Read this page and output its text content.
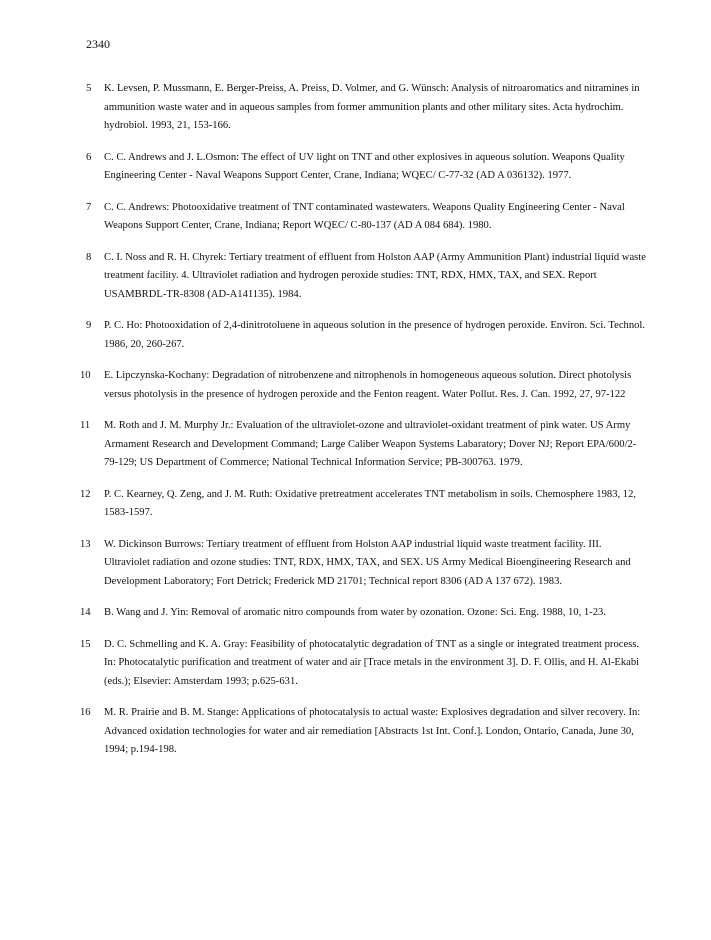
2340
5 K. Levsen, P. Mussmann, E. Berger-Preiss, A. Preiss, D. Volmer, and G. Wünsch: Analysis of nitroaromatics and nitramines in ammunition waste water and in aqueous samples from former ammunition plants and other military sites. Acta hydrochim. hydrobiol. 1993, 21, 153-166.
6 C. C. Andrews and J. L.Osmon: The effect of UV light on TNT and other explosives in aqueous solution. Weapons Quality Engineering Center - Naval Weapons Support Center, Crane, Indiana; WQEC/ C-77-32 (AD A 036132). 1977.
7 C. C. Andrews: Photooxidative treatment of TNT contaminated wastewaters. Weapons Quality Engineering Center - Naval Weapons Support Center, Crane, Indiana; Report WQEC/ C-80-137 (AD A 084 684). 1980.
8 C. I. Noss and R. H. Chyrek: Tertiary treatment of effluent from Holston AAP (Army Ammunition Plant) industrial liquid waste treatment facility. 4. Ultraviolet radiation and hydrogen peroxide studies: TNT, RDX, HMX, TAX, and SEX. Report USAMBRDL-TR-8308 (AD-A141135). 1984.
9 P. C. Ho: Photooxidation of 2,4-dinitrotoluene in aqueous solution in the presence of hydrogen peroxide. Environ. Sci. Technol. 1986, 20, 260-267.
10 E. Lipczynska-Kochany: Degradation of nitrobenzene and nitrophenols in homogeneous aqueous solution. Direct photolysis versus photolysis in the presence of hydrogen peroxide and the Fenton reagent. Water Pollut. Res. J. Can. 1992, 27, 97-122
11 M. Roth and J. M. Murphy Jr.: Evaluation of the ultraviolet-ozone and ultraviolet-oxidant treatment of pink water. US Army Armament Research and Development Command; Large Caliber Weapon Systems Labaratory; Dover NJ; Report EPA/600/2-79-129; US Department of Commerce; National Technical Information Service; PB-300763. 1979.
12 P. C. Kearney, Q. Zeng, and J. M. Ruth: Oxidative pretreatment accelerates TNT metabolism in soils. Chemosphere 1983, 12, 1583-1597.
13 W. Dickinson Burrows: Tertiary treatment of effluent from Holston AAP industrial liquid waste treatment facility. III. Ultraviolet radiation and ozone studies: TNT, RDX, HMX, TAX, and SEX. US Army Medical Bioengineering Research and Development Laboratory; Fort Detrick; Frederick MD 21701; Technical report 8306 (AD A 137 672). 1983.
14 B. Wang and J. Yin: Removal of aromatic nitro compounds from water by ozonation. Ozone: Sci. Eng. 1988, 10, 1-23.
15 D. C. Schmelling and K. A. Gray: Feasibility of photocatalytic degradation of TNT as a single or integrated treatment process. In: Photocatalytic purification and treatment of water and air [Trace metals in the environment 3]. D. F. Ollis, and H. Al-Ekabi (eds.); Elsevier: Amsterdam 1993; p.625-631.
16 M. R. Prairie and B. M. Stange: Applications of photocatalysis to actual waste: Explosives degradation and silver recovery. In: Advanced oxidation technologies for water and air remediation [Abstracts 1st Int. Conf.]. London, Ontario, Canada, June 30, 1994; p.194-198.
